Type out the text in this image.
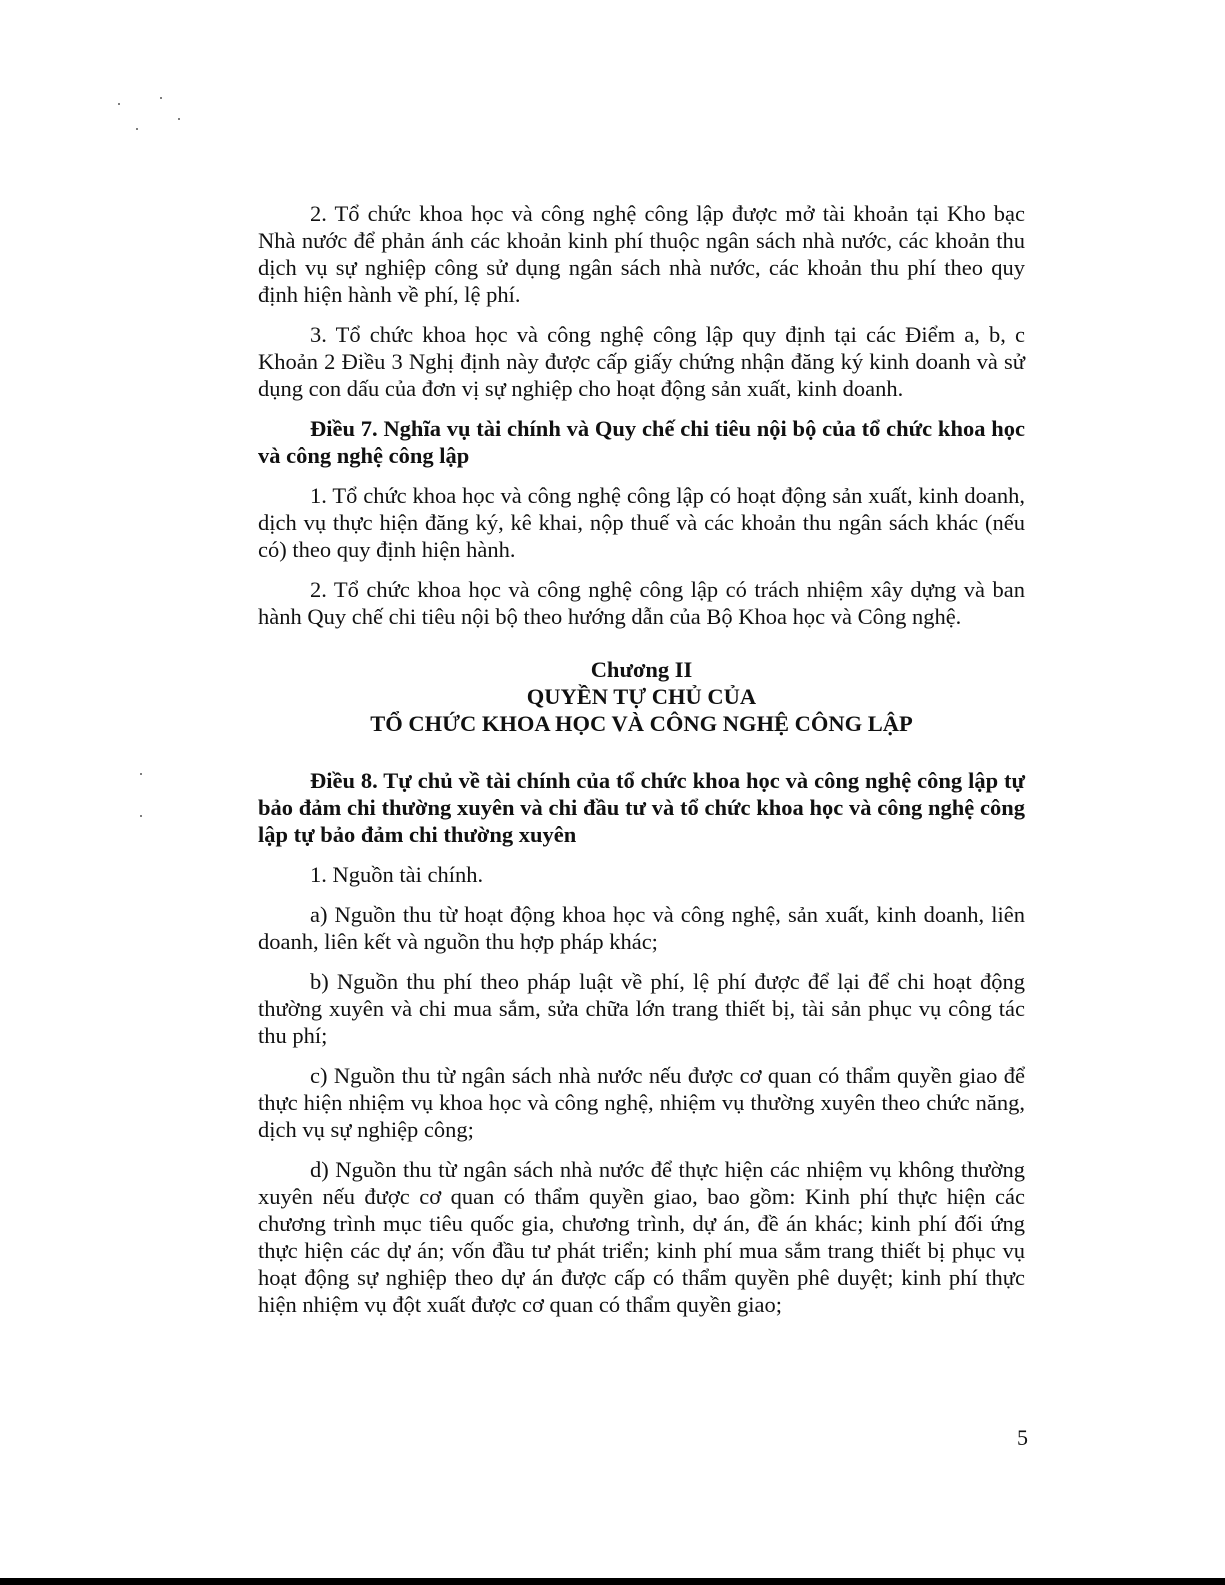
2. Tổ chức khoa học và công nghệ công lập được mở tài khoản tại Kho bạc Nhà nước để phản ánh các khoản kinh phí thuộc ngân sách nhà nước, các khoản thu dịch vụ sự nghiệp công sử dụng ngân sách nhà nước, các khoản thu phí theo quy định hiện hành về phí, lệ phí.

3. Tổ chức khoa học và công nghệ công lập quy định tại các Điểm a, b, c Khoản 2 Điều 3 Nghị định này được cấp giấy chứng nhận đăng ký kinh doanh và sử dụng con dấu của đơn vị sự nghiệp cho hoạt động sản xuất, kinh doanh.

Điều 7. Nghĩa vụ tài chính và Quy chế chi tiêu nội bộ của tổ chức khoa học và công nghệ công lập

1. Tổ chức khoa học và công nghệ công lập có hoạt động sản xuất, kinh doanh, dịch vụ thực hiện đăng ký, kê khai, nộp thuế và các khoản thu ngân sách khác (nếu có) theo quy định hiện hành.

2. Tổ chức khoa học và công nghệ công lập có trách nhiệm xây dựng và ban hành Quy chế chi tiêu nội bộ theo hướng dẫn của Bộ Khoa học và Công nghệ.

Chương II
QUYỀN TỰ CHỦ CỦA
TỔ CHỨC KHOA HỌC VÀ CÔNG NGHỆ CÔNG LẬP

Điều 8. Tự chủ về tài chính của tổ chức khoa học và công nghệ công lập tự bảo đảm chi thường xuyên và chi đầu tư và tổ chức khoa học và công nghệ công lập tự bảo đảm chi thường xuyên

1. Nguồn tài chính.

a) Nguồn thu từ hoạt động khoa học và công nghệ, sản xuất, kinh doanh, liên doanh, liên kết và nguồn thu hợp pháp khác;

b) Nguồn thu phí theo pháp luật về phí, lệ phí được để lại để chi hoạt động thường xuyên và chi mua sắm, sửa chữa lớn trang thiết bị, tài sản phục vụ công tác thu phí;

c) Nguồn thu từ ngân sách nhà nước nếu được cơ quan có thẩm quyền giao để thực hiện nhiệm vụ khoa học và công nghệ, nhiệm vụ thường xuyên theo chức năng, dịch vụ sự nghiệp công;

d) Nguồn thu từ ngân sách nhà nước để thực hiện các nhiệm vụ không thường xuyên nếu được cơ quan có thẩm quyền giao, bao gồm: Kinh phí thực hiện các chương trình mục tiêu quốc gia, chương trình, dự án, đề án khác; kinh phí đối ứng thực hiện các dự án; vốn đầu tư phát triển; kinh phí mua sắm trang thiết bị phục vụ hoạt động sự nghiệp theo dự án được cấp có thẩm quyền phê duyệt; kinh phí thực hiện nhiệm vụ đột xuất được cơ quan có thẩm quyền giao;

5
